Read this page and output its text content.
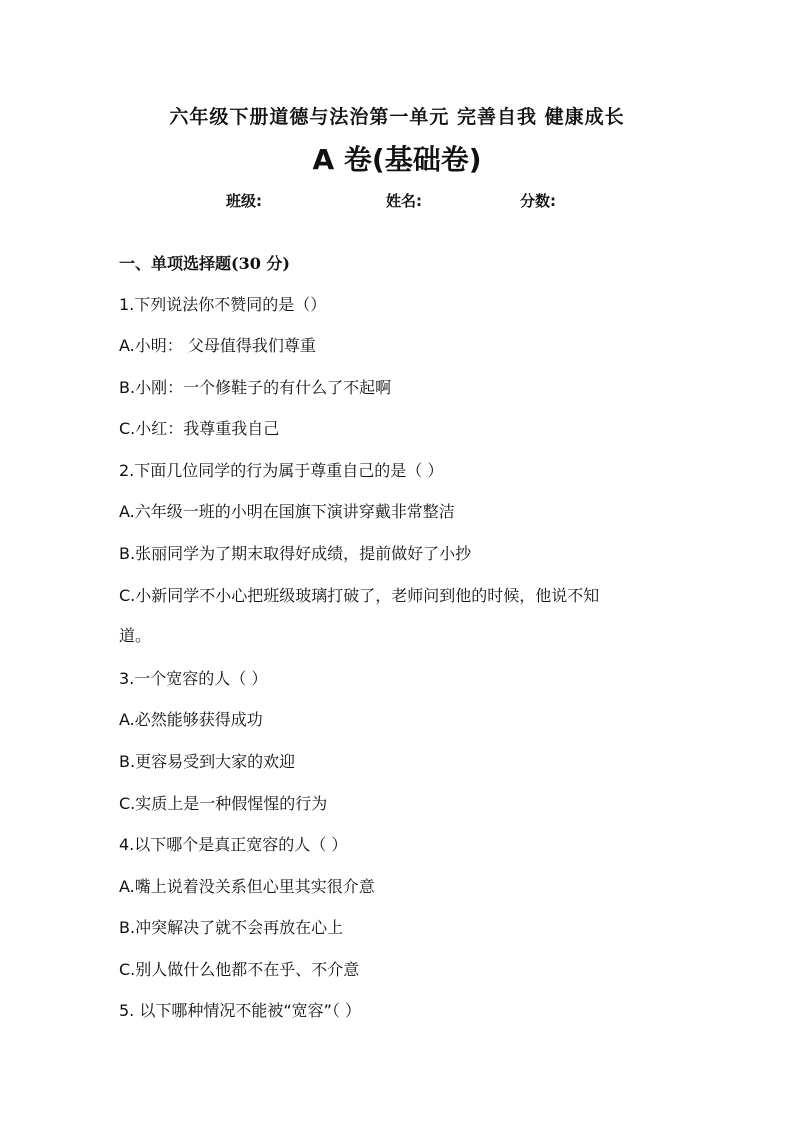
六年级下册道德与法治第一单元 完善自我 健康成长
A 卷(基础卷)
班级:	姓名:	分数:
一、单项选择题(30 分)
1.下列说法你不赞同的是（）
A.小明： 父母值得我们尊重
B.小刚：一个修鞋子的有什么了不起啊
C.小红：我尊重我自己
2.下面几位同学的行为属于尊重自己的是（ ）
A.六年级一班的小明在国旗下演讲穿戴非常整洁
B.张丽同学为了期末取得好成绩，提前做好了小抄
C.小新同学不小心把班级玻璃打破了，老师问到他的时候，他说不知
道。
3.一个宽容的人（ ）
A.必然能够获得成功
B.更容易受到大家的欢迎
C.实质上是一种假惺惺的行为
4.以下哪个是真正宽容的人（ ）
A.嘴上说着没关系但心里其实很介意
B.冲突解决了就不会再放在心上
C.别人做什么他都不在乎、不介意
5. 以下哪种情况不能被“宽容”（ ）
